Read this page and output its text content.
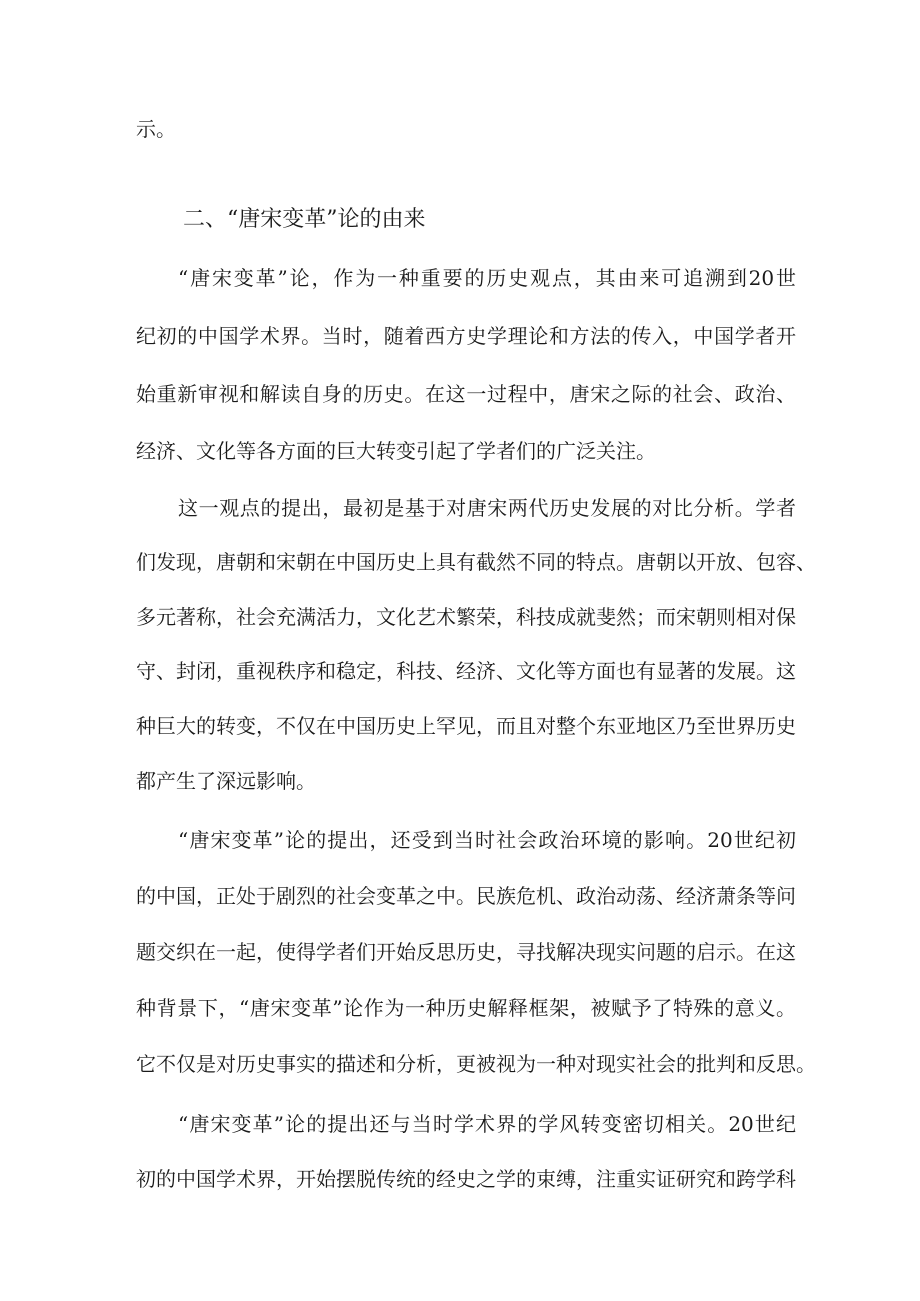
示。
二、“唐宋变革”论的由来
“唐宋变革”论，作为一种重要的历史观点，其由来可追溯到20世
纪初的中国学术界。当时，随着西方史学理论和方法的传入，中国学者开
始重新审视和解读自身的历史。在这一过程中，唐宋之际的社会、政治、
经济、文化等各方面的巨大转变引起了学者们的广泛关注。
这一观点的提出，最初是基于对唐宋两代历史发展的对比分析。学者
们发现，唐朝和宋朝在中国历史上具有截然不同的特点。唐朝以开放、包容、
多元著称，社会充满活力，文化艺术繁荣，科技成就斐然；而宋朝则相对保
守、封闭，重视秩序和稳定，科技、经济、文化等方面也有显著的发展。这
种巨大的转变，不仅在中国历史上罕见，而且对整个东亚地区乃至世界历史
都产生了深远影响。
“唐宋变革”论的提出，还受到当时社会政治环境的影响。20世纪初
的中国，正处于剧烈的社会变革之中。民族危机、政治动荡、经济萧条等问
题交织在一起，使得学者们开始反思历史，寻找解决现实问题的启示。在这
种背景下，“唐宋变革”论作为一种历史解释框架，被赋予了特殊的意义。
它不仅是对历史事实的描述和分析，更被视为一种对现实社会的批判和反思。
“唐宋变革”论的提出还与当时学术界的学风转变密切相关。20世纪
初的中国学术界，开始摆脱传统的经史之学的束缚，注重实证研究和跨学科
